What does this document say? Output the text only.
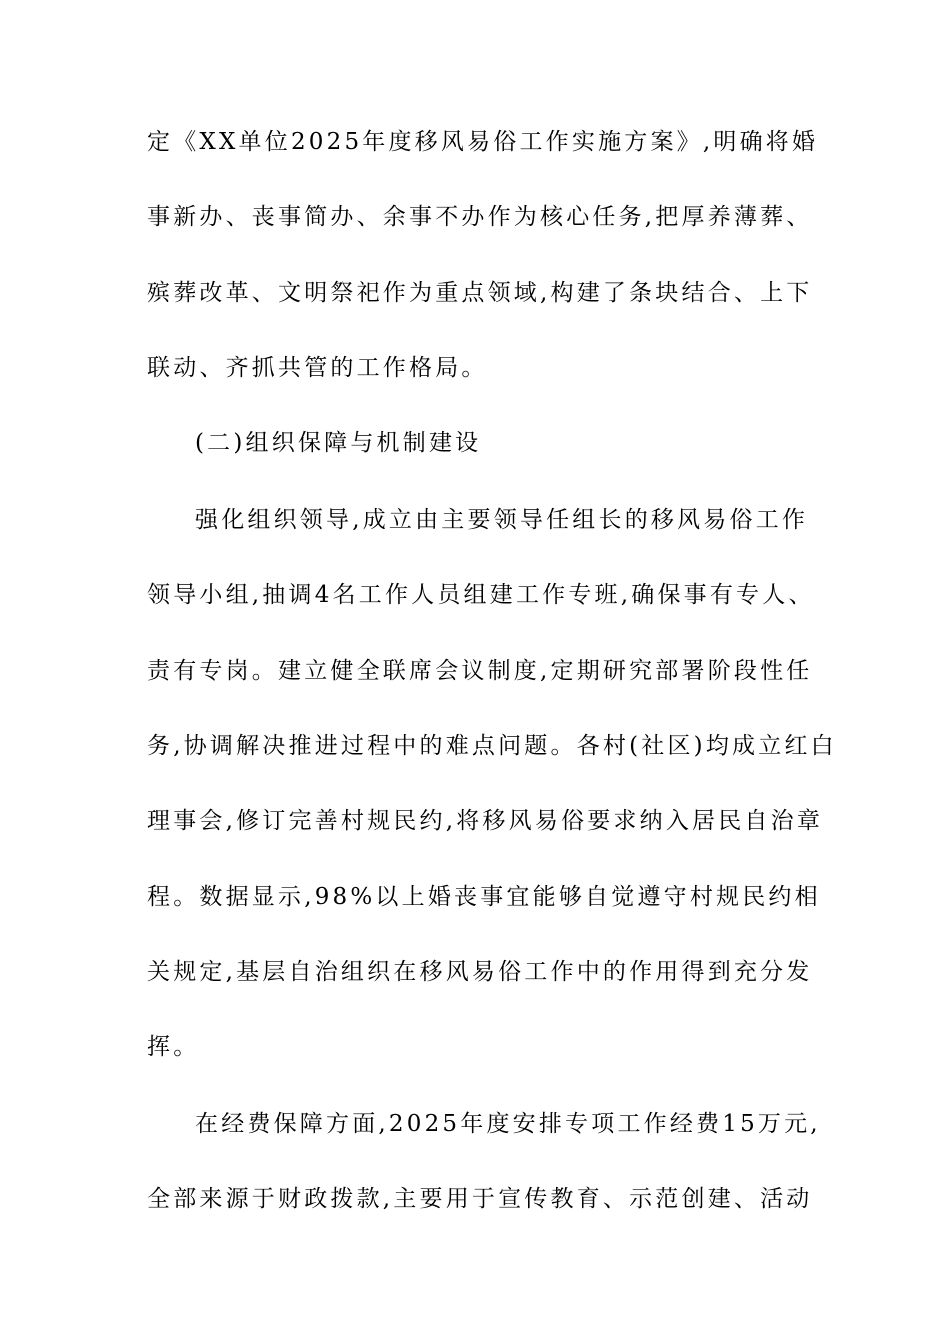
定《XX单位2025年度移风易俗工作实施方案》,明确将婚
事新办、丧事简办、余事不办作为核心任务,把厚养薄葬、
殡葬改革、文明祭祀作为重点领域,构建了条块结合、上下
联动、齐抓共管的工作格局。
(二)组织保障与机制建设
强化组织领导,成立由主要领导任组长的移风易俗工作
领导小组,抽调4名工作人员组建工作专班,确保事有专人、
责有专岗。建立健全联席会议制度,定期研究部署阶段性任
务,协调解决推进过程中的难点问题。各村(社区)均成立红白
理事会,修订完善村规民约,将移风易俗要求纳入居民自治章
程。数据显示,98%以上婚丧事宜能够自觉遵守村规民约相
关规定,基层自治组织在移风易俗工作中的作用得到充分发
挥。
在经费保障方面,2025年度安排专项工作经费15万元,
全部来源于财政拨款,主要用于宣传教育、示范创建、活动
